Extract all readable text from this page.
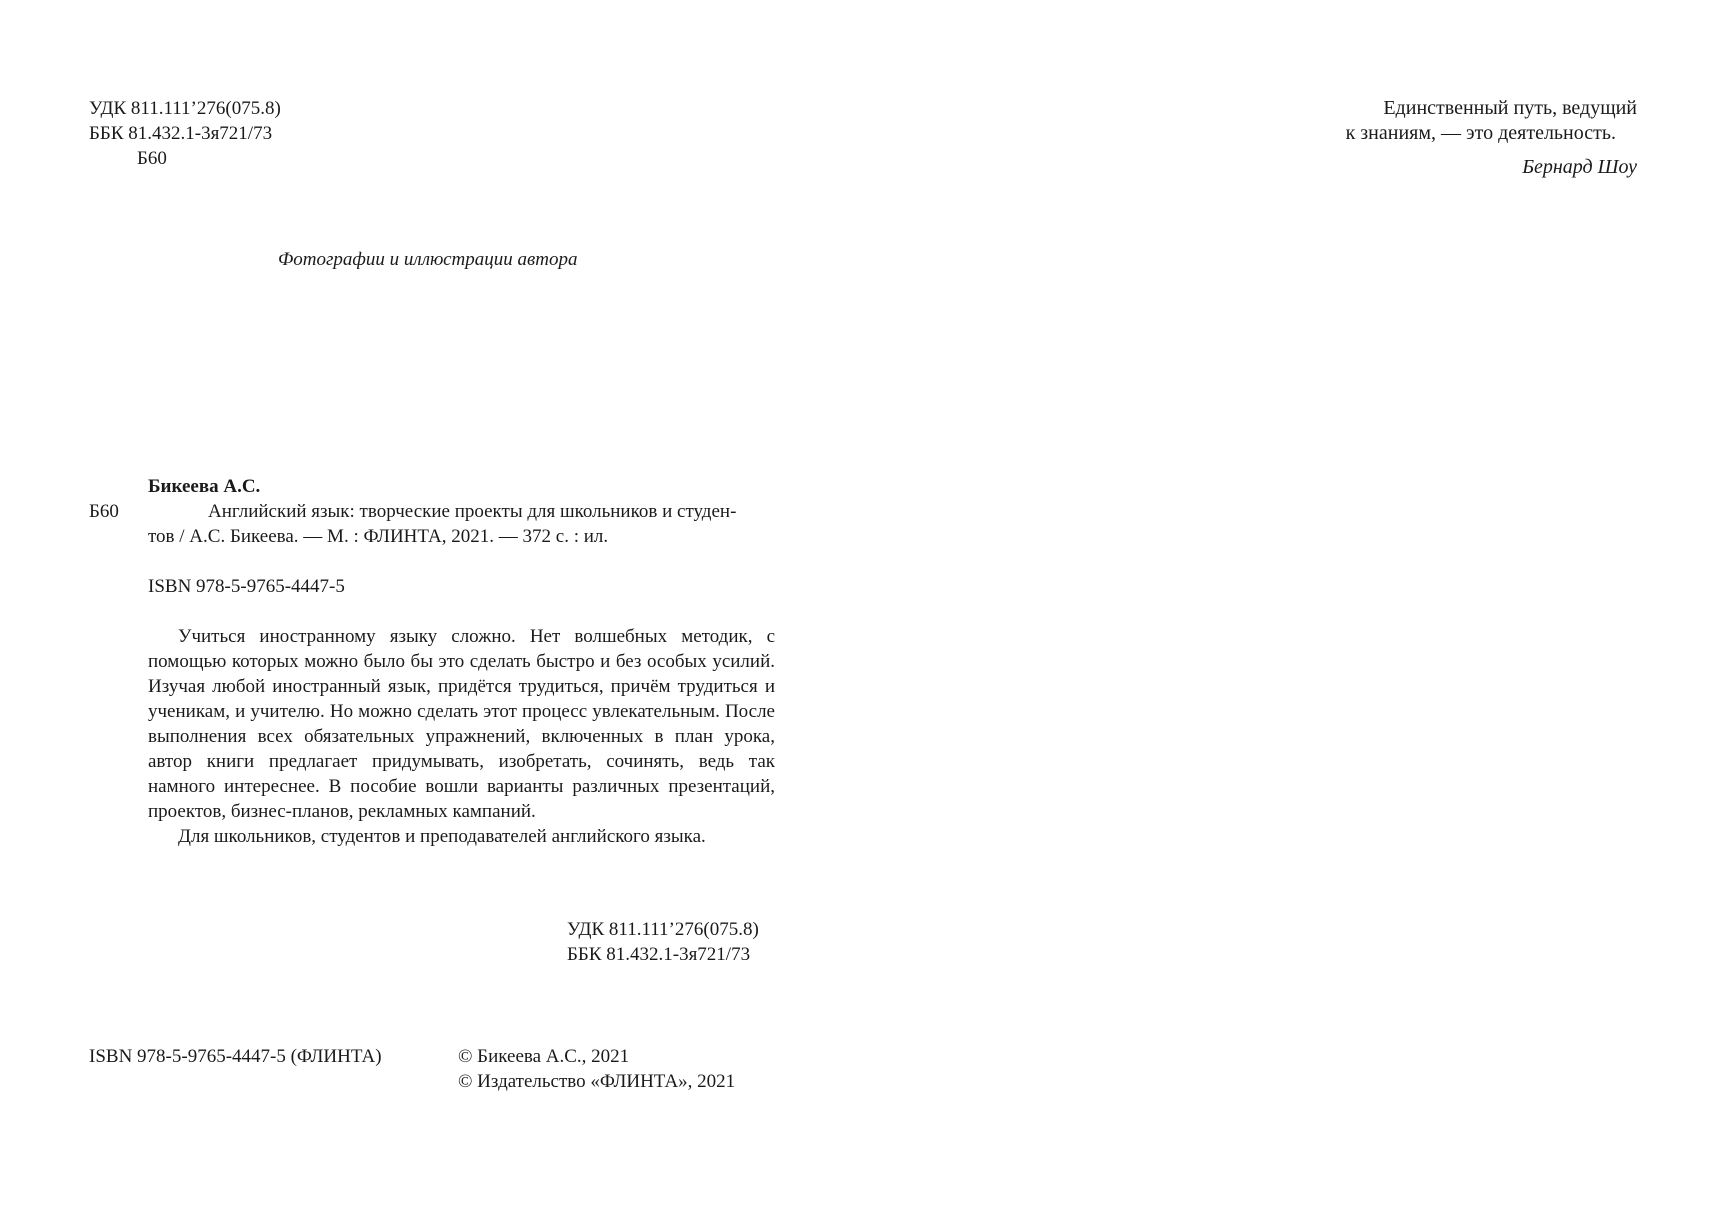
УДК 811.111’276(075.8)
ББК 81.432.1-3я721/73
Б60
Единственный путь, ведущий
к знаниям, — это деятельность.
Бернард Шоу
Фотографии и иллюстрации автора
Бикеева А.С.
Б60	Английский язык: творческие проекты для школьников и студен-
тов / А.С. Бикеева. — М. : ФЛИНТА, 2021. — 372 с. : ил.
ISBN 978-5-9765-4447-5

Учиться иностранному языку сложно. Нет волшебных методик, с помощью которых можно было бы это сделать быстро и без особых усилий. Изучая любой иностранный язык, придётся трудиться, причём трудиться и ученикам, и учителю. Но можно сделать этот процесс увлекательным. После выполнения всех обязательных упражнений, включенных в план урока, автор книги предлагает придумывать, изобретать, сочинять, ведь так намного интереснее. В пособие вошли варианты различных презентаций, проектов, бизнес-планов, рекламных кампаний.

Для школьников, студентов и преподавателей английского языка.

УДК 811.111’276(075.8)
ББК 81.432.1-3я721/73
ISBN 978-5-9765-4447-5 (ФЛИНТА)	© Бикеева А.С., 2021
© Издательство «ФЛИНТА», 2021
